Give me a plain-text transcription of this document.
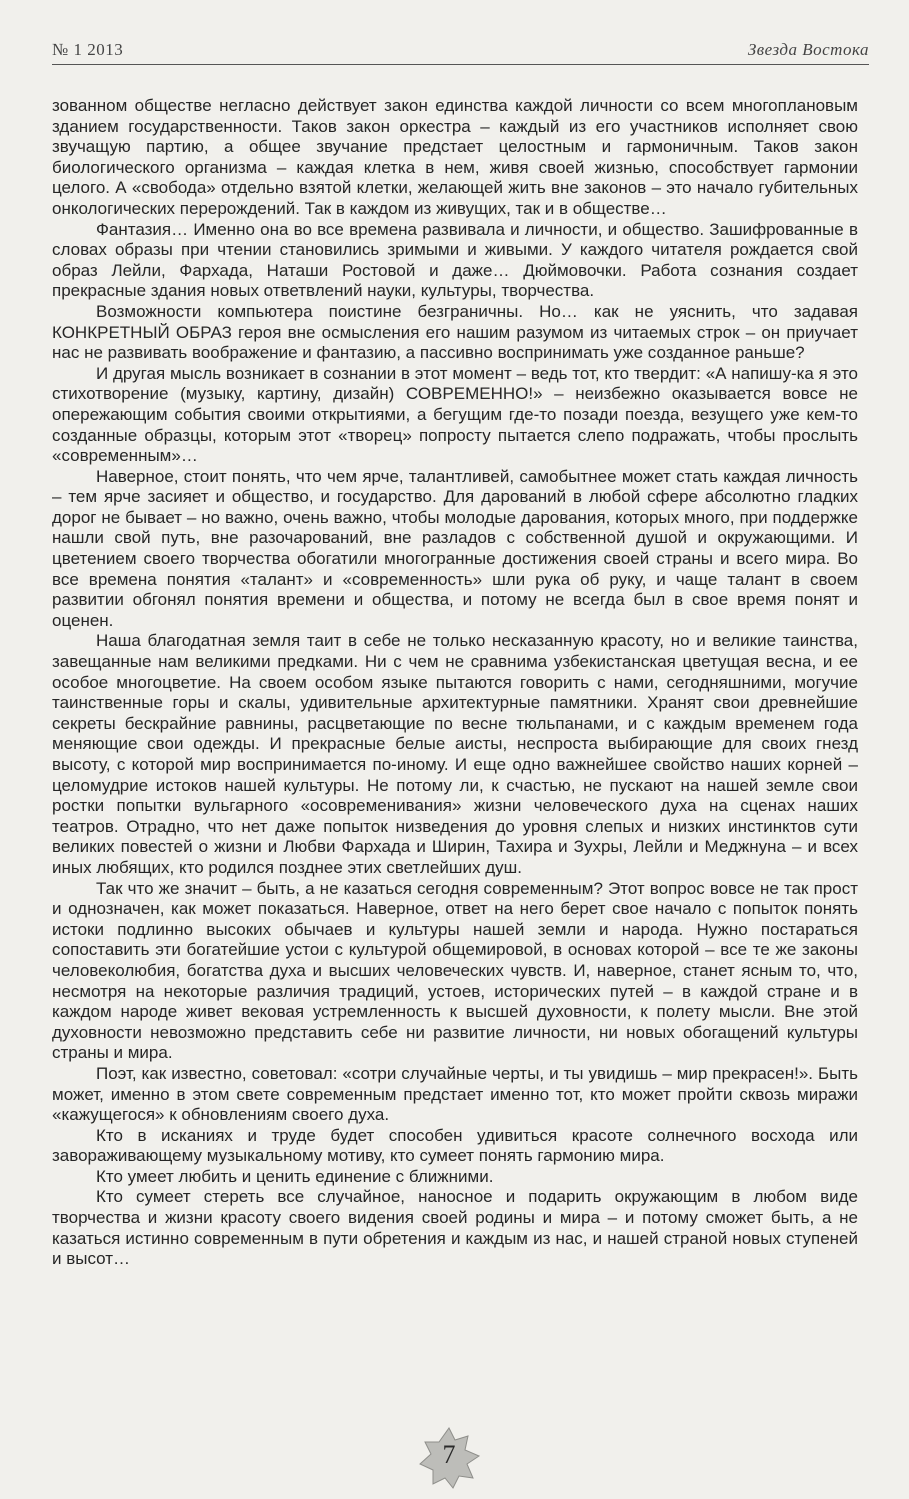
№ 1 2013	Звезда Востока

зованном обществе негласно действует закон единства каждой личности со всем многоплановым зданием государственности. Таков закон оркестра – каждый из его участников исполняет свою звучащую партию, а общее звучание предстает целостным и гармоничным. Таков закон биологического организма – каждая клетка в нем, живя своей жизнью, способствует гармонии целого. А «свобода» отдельно взятой клетки, желающей жить вне законов – это начало губительных онкологических перерождений. Так в каждом из живущих, так и в обществе…

Фантазия… Именно она во все времена развивала и личности, и общество. Зашифрованные в словах образы при чтении становились зримыми и живыми. У каждого читателя рождается свой образ Лейли, Фархада, Наташи Ростовой и даже… Дюймовочки. Работа сознания создает прекрасные здания новых ответвлений науки, культуры, творчества.

Возможности компьютера поистине безграничны. Но… как не уяснить, что задавая КОНКРЕТНЫЙ ОБРАЗ героя вне осмысления его нашим разумом из читаемых строк – он приучает нас не развивать воображение и фантазию, а пассивно воспринимать уже созданное раньше?

И другая мысль возникает в сознании в этот момент – ведь тот, кто твердит: «А напишу-ка я это стихотворение (музыку, картину, дизайн) СОВРЕМЕННО!» – неизбежно оказывается вовсе не опережающим события своими открытиями, а бегущим где-то позади поезда, везущего уже кем-то созданные образцы, которым этот «творец» попросту пытается слепо подражать, чтобы прослыть «современным»…

Наверное, стоит понять, что чем ярче, талантливей, самобытнее может стать каждая личность – тем ярче засияет и общество, и государство. Для дарований в любой сфере абсолютно гладких дорог не бывает – но важно, очень важно, чтобы молодые дарования, которых много, при поддержке нашли свой путь, вне разочарований, вне разладов с собственной душой и окружающими. И цветением своего творчества обогатили многогранные достижения своей страны и всего мира. Во все времена понятия «талант» и «современность» шли рука об руку, и чаще талант в своем развитии обгонял понятия времени и общества, и потому не всегда был в свое время понят и оценен.

Наша благодатная земля таит в себе не только несказанную красоту, но и великие таинства, завещанные нам великими предками. Ни с чем не сравнима узбекистанская цветущая весна, и ее особое многоцветие. На своем особом языке пытаются говорить с нами, сегодняшними, могучие таинственные горы и скалы, удивительные архитектурные памятники. Хранят свои древнейшие секреты бескрайние равнины, расцветающие по весне тюльпанами, и с каждым временем года меняющие свои одежды. И прекрасные белые аисты, неспроста выбирающие для своих гнезд высоту, с которой мир воспринимается по-иному. И еще одно важнейшее свойство наших корней – целомудрие истоков нашей культуры. Не потому ли, к счастью, не пускают на нашей земле свои ростки попытки вульгарного «осовременивания» жизни человеческого духа на сценах наших театров. Отрадно, что нет даже попыток низведения до уровня слепых и низких инстинктов сути великих повестей о жизни и Любви Фархада и Ширин, Тахира и Зухры, Лейли и Меджнуна – и всех иных любящих, кто родился позднее этих светлейших душ.

Так что же значит – быть, а не казаться сегодня современным? Этот вопрос вовсе не так прост и однозначен, как может показаться. Наверное, ответ на него берет свое начало с попыток понять истоки подлинно высоких обычаев и культуры нашей земли и народа. Нужно постараться сопоставить эти богатейшие устои с культурой общемировой, в основах которой – все те же законы человеколюбия, богатства духа и высших человеческих чувств. И, наверное, станет ясным то, что, несмотря на некоторые различия традиций, устоев, исторических путей – в каждой стране и в каждом народе живет вековая устремленность к высшей духовности, к полету мысли. Вне этой духовности невозможно представить себе ни развитие личности, ни новых обогащений культуры страны и мира.

Поэт, как известно, советовал: «сотри случайные черты, и ты увидишь – мир прекрасен!». Быть может, именно в этом свете современным предстает именно тот, кто может пройти сквозь миражи «кажущегося» к обновлениям своего духа.

Кто в исканиях и труде будет способен удивиться красоте солнечного восхода или завораживающему музыкальному мотиву, кто сумеет понять гармонию мира.

Кто умеет любить и ценить единение с ближними.

Кто сумеет стереть все случайное, наносное и подарить окружающим в любом виде творчества и жизни красоту своего видения своей родины и мира – и потому сможет быть, а не казаться истинно современным в пути обретения и каждым из нас, и нашей страной новых ступеней и высот…

7
